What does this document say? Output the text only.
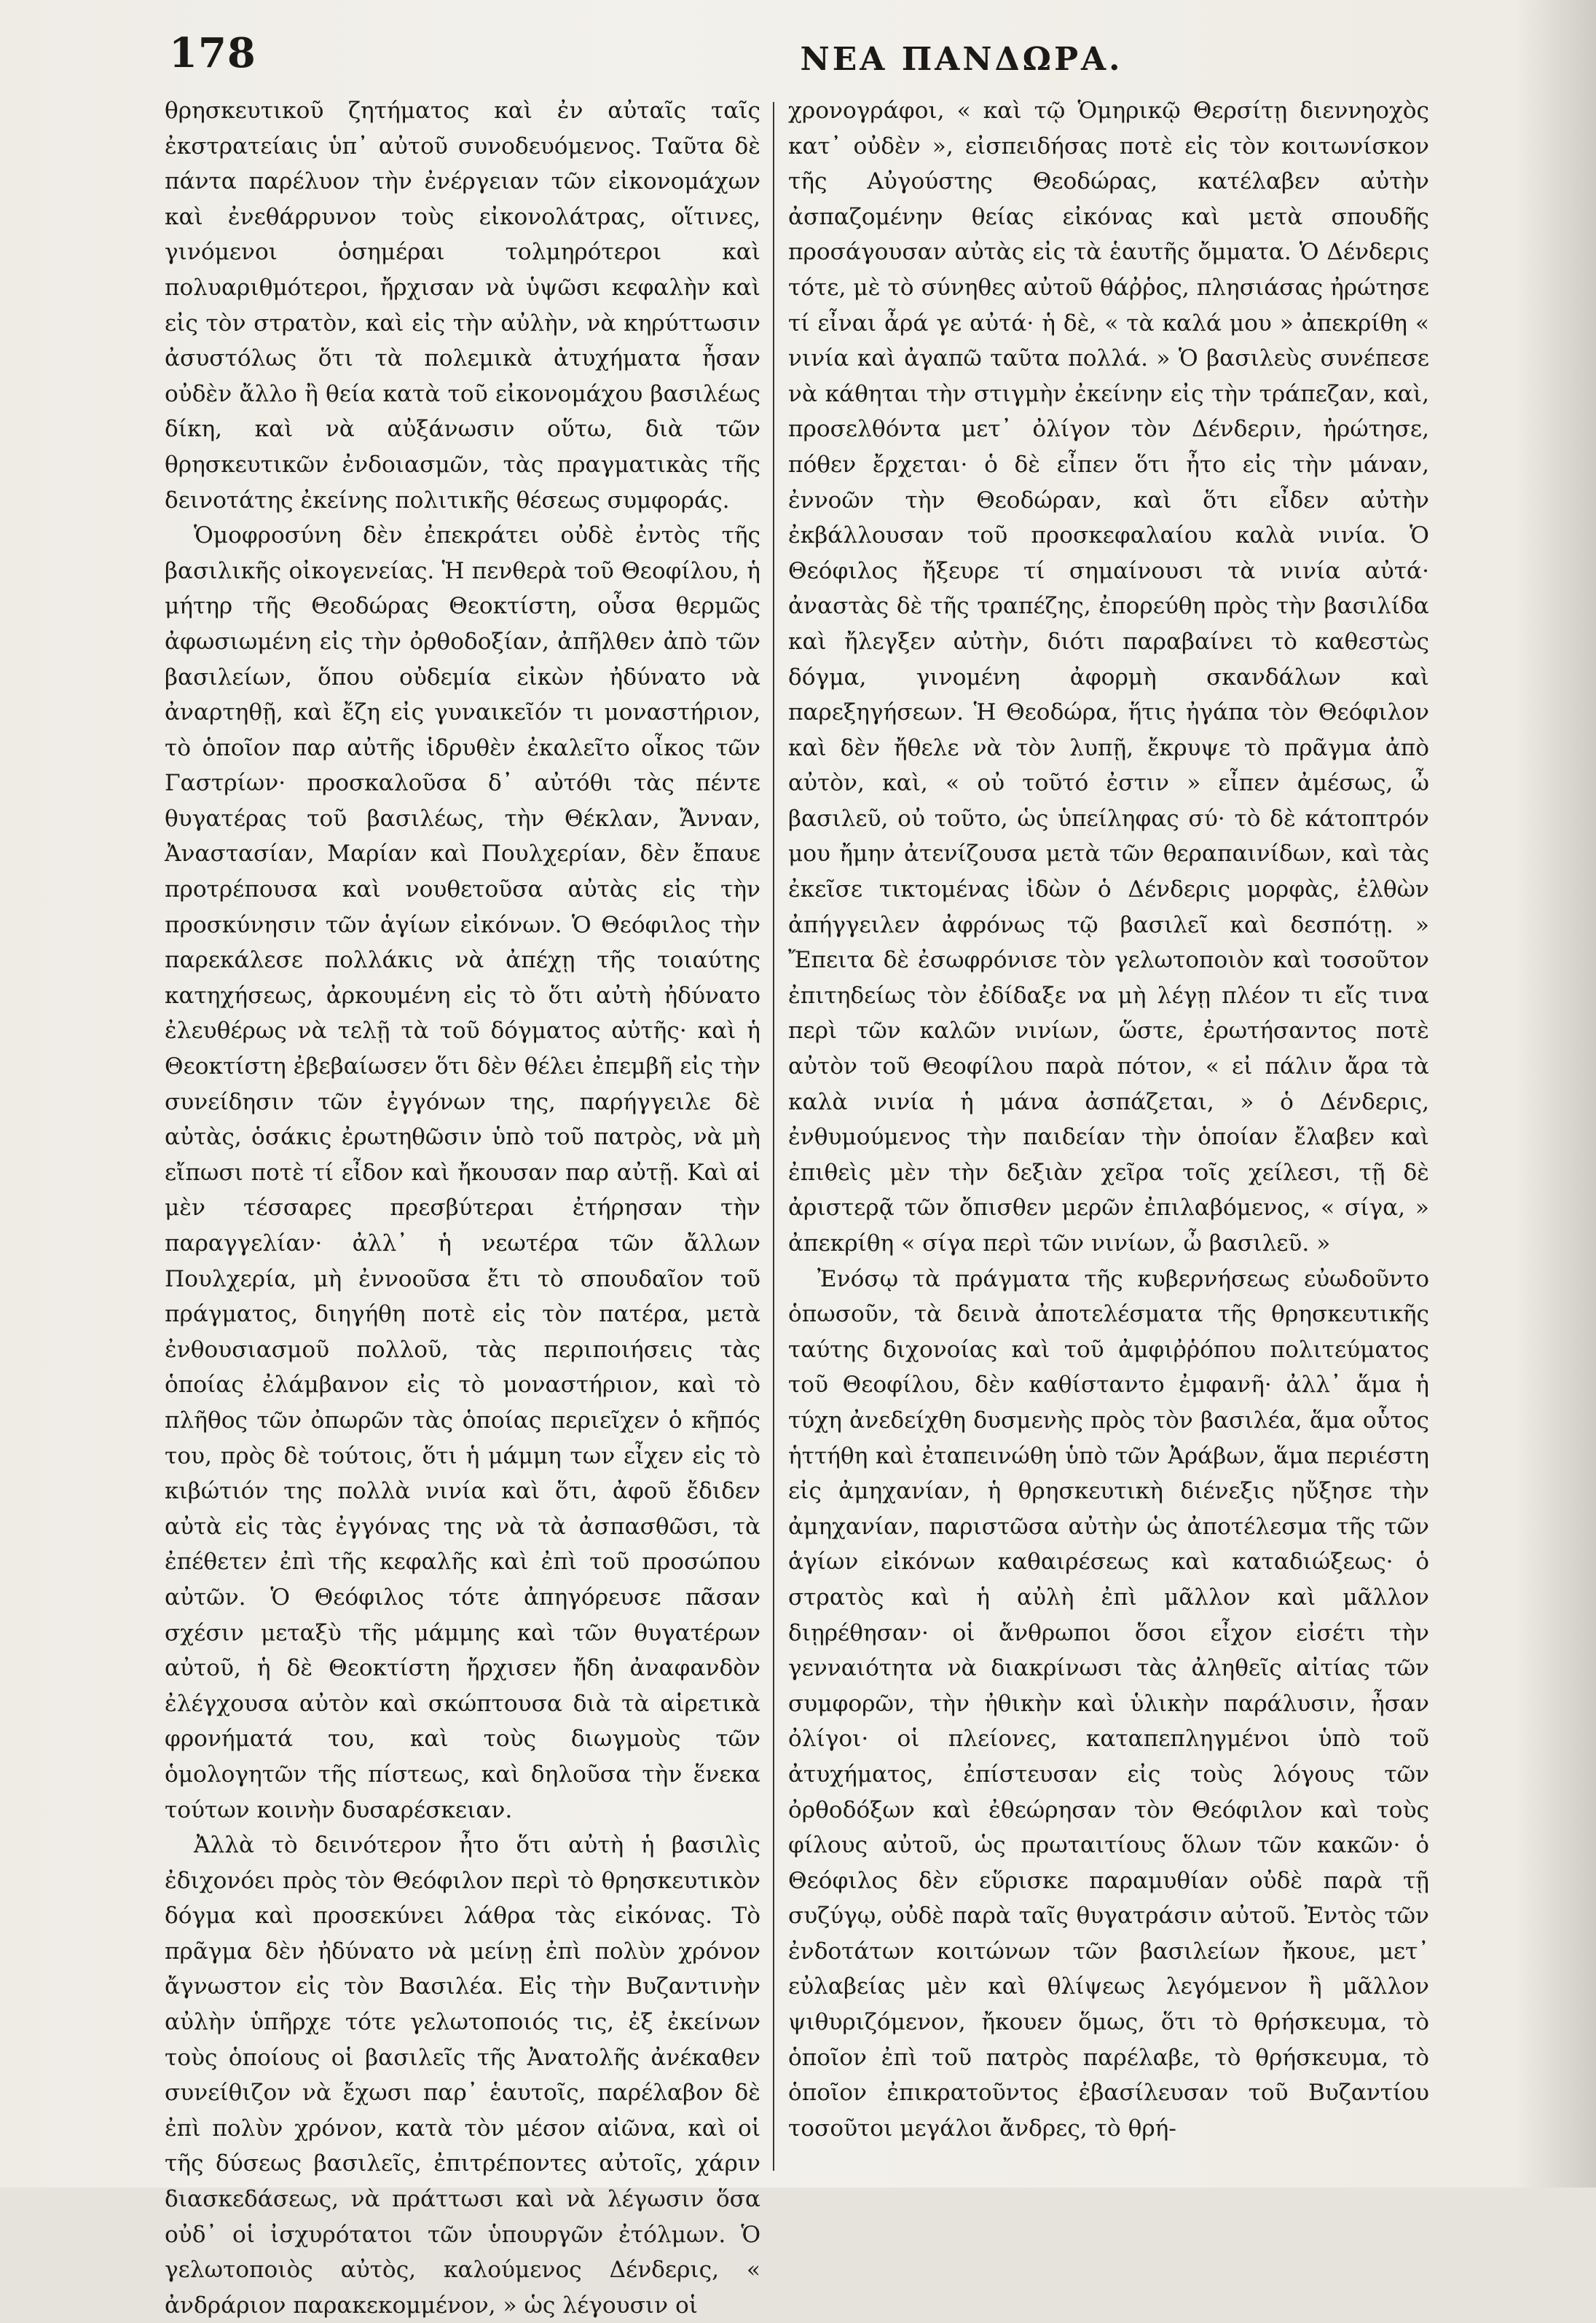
178	ΝΕΑ ΠΑΝΔΩΡΑ.

θρησκευτικοῦ ζητήματος καὶ ἐν αὐταῖς ταῖς ἐκστρατείαις ὑπ᾽ αὐτοῦ συνοδευόμενος. Ταῦτα δὲ πάντα παρέλυον τὴν ἐνέργειαν τῶν εἰκονομάχων καὶ ἐνεθάρρυνον τοὺς εἰκονολάτρας, οἵτινες, γινόμενοι ὁσημέραι τολμηρότεροι καὶ πολυαριθμότεροι, ἤρχισαν νὰ ὑψῶσι κεφαλὴν καὶ εἰς τὸν στρατὸν, καὶ εἰς τὴν αὐλὴν, νὰ κηρύττωσιν ἀσυστόλως ὅτι τὰ πολεμικὰ ἀτυχήματα ἦσαν οὐδὲν ἄλλο ἢ θεία κατὰ τοῦ εἰκονομάχου βασιλέως δίκη, καὶ νὰ αὐξάνωσιν οὕτω, διὰ τῶν θρησκευτικῶν ἐνδοιασμῶν, τὰς πραγματικὰς τῆς δεινοτάτης ἐκείνης πολιτικῆς θέσεως συμφοράς.

Ὁμοφροσύνη δὲν ἐπεκράτει οὐδὲ ἐντὸς τῆς βασιλικῆς οἰκογενείας. Ἡ πενθερὰ τοῦ Θεοφίλου, ἡ μήτηρ τῆς Θεοδώρας Θεοκτίστη, οὖσα θερμῶς ἀφωσιωμένη εἰς τὴν ὀρθοδοξίαν, ἀπῆλθεν ἀπὸ τῶν βασιλείων, ὅπου οὐδεμία εἰκὼν ἠδύνατο νὰ ἀναρτηθῇ, καὶ ἔζη εἰς γυναικεῖόν τι μοναστήριον, τὸ ὁποῖον παρ αὐτῆς ἱδρυθὲν ἐκαλεῖτο οἶκος τῶν Γαστρίων· προσκαλοῦσα δ᾽ αὐτόθι τὰς πέντε θυγατέρας τοῦ βασιλέως, τὴν Θέκλαν, Ἄνναν, Ἀναστασίαν, Μαρίαν καὶ Πουλχερίαν, δὲν ἔπαυε προτρέπουσα καὶ νουθετοῦσα αὐτὰς εἰς τὴν προσκύνησιν τῶν ἁγίων εἰκόνων. Ὁ Θεόφιλος τὴν παρεκάλεσε πολλάκις νὰ ἀπέχῃ τῆς τοιαύτης κατηχήσεως, ἀρκουμένη εἰς τὸ ὅτι αὐτὴ ἠδύνατο ἐλευθέρως νὰ τελῇ τὰ τοῦ δόγματος αὐτῆς· καὶ ἡ Θεοκτίστη ἐβεβαίωσεν ὅτι δὲν θέλει ἐπεμβῆ εἰς τὴν συνείδησιν τῶν ἐγγόνων της, παρήγγειλε δὲ αὐτὰς, ὁσάκις ἐρωτηθῶσιν ὑπὸ τοῦ πατρὸς, νὰ μὴ εἴπωσι ποτὲ τί εἶδον καὶ ἤκουσαν παρ αὐτῇ. Καὶ αἱ μὲν τέσσαρες πρεσβύτεραι ἐτήρησαν τὴν παραγγελίαν· ἀλλ᾽ ἡ νεωτέρα τῶν ἄλλων Πουλχερία, μὴ ἐννοοῦσα ἔτι τὸ σπουδαῖον τοῦ πράγματος, διηγήθη ποτὲ εἰς τὸν πατέρα, μετὰ ἐνθουσιασμοῦ πολλοῦ, τὰς περιποιήσεις τὰς ὁποίας ἐλάμβανον εἰς τὸ μοναστήριον, καὶ τὸ πλῆθος τῶν ὀπωρῶν τὰς ὁποίας περιεῖχεν ὁ κῆπός του, πρὸς δὲ τούτοις, ὅτι ἡ μάμμη των εἶχεν εἰς τὸ κιβώτιόν της πολλὰ νινία καὶ ὅτι, ἀφοῦ ἔδιδεν αὐτὰ εἰς τὰς ἐγγόνας της νὰ τὰ ἀσπασθῶσι, τὰ ἐπέθετεν ἐπὶ τῆς κεφαλῆς καὶ ἐπὶ τοῦ προσώπου αὐτῶν. Ὁ Θεόφιλος τότε ἀπηγόρευσε πᾶσαν σχέσιν μεταξὺ τῆς μάμμης καὶ τῶν θυγατέρων αὐτοῦ, ἡ δὲ Θεοκτίστη ἤρχισεν ἤδη ἀναφανδὸν ἐλέγχουσα αὐτὸν καὶ σκώπτουσα διὰ τὰ αἱρετικὰ φρονήματά του, καὶ τοὺς διωγμοὺς τῶν ὁμολογητῶν τῆς πίστεως, καὶ δηλοῦσα τὴν ἕνεκα τούτων κοινὴν δυσαρέσκειαν.

Ἀλλὰ τὸ δεινότερον ἦτο ὅτι αὐτὴ ἡ βασιλὶς ἐδιχονόει πρὸς τὸν Θεόφιλον περὶ τὸ θρησκευτικὸν δόγμα καὶ προσεκύνει λάθρα τὰς εἰκόνας. Τὸ πρᾶγμα δὲν ἠδύνατο νὰ μείνῃ ἐπὶ πολὺν χρόνον ἄγνωστον εἰς τὸν Βασιλέα. Εἰς τὴν Βυζαντινὴν αὐλὴν ὑπῆρχε τότε γελωτοποιός τις, ἐξ ἐκείνων τοὺς ὁποίους οἱ βασιλεῖς τῆς Ἀνατολῆς ἀνέκαθεν συνείθιζον νὰ ἔχωσι παρ᾽ ἑαυτοῖς, παρέλαβον δὲ ἐπὶ πολὺν χρόνον, κατὰ τὸν μέσον αἰῶνα, καὶ οἱ τῆς δύσεως βασιλεῖς, ἐπιτρέποντες αὐτοῖς, χάριν διασκεδάσεως, νὰ πράττωσι καὶ νὰ λέγωσιν ὅσα οὐδ᾽ οἱ ἰσχυρότατοι τῶν ὑπουργῶν ἐτόλμων. Ὁ γελωτοποιὸς αὐτὸς, καλούμενος Δένδερις, « ἀνδράριον παρακεκομμένον, » ὡς λέγουσιν οἱ

χρονογράφοι, « καὶ τῷ Ὁμηρικῷ Θερσίτῃ διεννηοχὸς κατ᾽ οὐδὲν », εἰσπειδήσας ποτὲ εἰς τὸν κοιτωνίσκον τῆς Αὐγούστης Θεοδώρας, κατέλαβεν αὐτὴν ἀσπαζομένην θείας εἰκόνας καὶ μετὰ σπουδῆς προσάγουσαν αὐτὰς εἰς τὰ ἑαυτῆς ὄμματα. Ὁ Δένδερις τότε, μὲ τὸ σύνηθες αὐτοῦ θάῤῥος, πλησιάσας ἠρώτησε τί εἶναι ἆρά γε αὐτά· ἡ δὲ, « τὰ καλά μου » ἀπεκρίθη « νινία καὶ ἀγαπῶ ταῦτα πολλά. » Ὁ βασιλεὺς συνέπεσε νὰ κάθηται τὴν στιγμὴν ἐκείνην εἰς τὴν τράπεζαν, καὶ, προσελθόντα μετ᾽ ὀλίγον τὸν Δένδεριν, ἠρώτησε, πόθεν ἔρχεται· ὁ δὲ εἶπεν ὅτι ἦτο εἰς τὴν μάναν, ἐννοῶν τὴν Θεοδώραν, καὶ ὅτι εἶδεν αὐτὴν ἐκβάλλουσαν τοῦ προσκεφαλαίου καλὰ νινία. Ὁ Θεόφιλος ἤξευρε τί σημαίνουσι τὰ νινία αὐτά· ἀναστὰς δὲ τῆς τραπέζης, ἐπορεύθη πρὸς τὴν βασιλίδα καὶ ἤλεγξεν αὐτὴν, διότι παραβαίνει τὸ καθεστὼς δόγμα, γινομένη ἀφορμὴ σκανδάλων καὶ παρεξηγήσεων. Ἡ Θεοδώρα, ἥτις ἠγάπα τὸν Θεόφιλον καὶ δὲν ἤθελε νὰ τὸν λυπῇ, ἔκρυψε τὸ πρᾶγμα ἀπὸ αὐτὸν, καὶ, « οὐ τοῦτό ἐστιν » εἶπεν ἀμέσως, ὦ βασιλεῦ, οὐ τοῦτο, ὡς ὑπείληφας σύ· τὸ δὲ κάτοπτρόν μου ἤμην ἀτενίζουσα μετὰ τῶν θεραπαινίδων, καὶ τὰς ἐκεῖσε τικτομένας ἰδὼν ὁ Δένδερις μορφὰς, ἐλθὼν ἀπήγγειλεν ἀφρόνως τῷ βασιλεῖ καὶ δεσπότῃ. » Ἔπειτα δὲ ἐσωφρόνισε τὸν γελωτοποιὸν καὶ τοσοῦτον ἐπιτηδείως τὸν ἐδίδαξε να μὴ λέγῃ πλέον τι εἴς τινα περὶ τῶν καλῶν νινίων, ὥστε, ἐρωτήσαντος ποτὲ αὐτὸν τοῦ Θεοφίλου παρὰ πότον, « εἰ πάλιν ἄρα τὰ καλὰ νινία ἡ μάνα ἀσπάζεται, » ὁ Δένδερις, ἐνθυμούμενος τὴν παιδείαν τὴν ὁποίαν ἔλαβεν καὶ ἐπιθεὶς μὲν τὴν δεξιὰν χεῖρα τοῖς χείλεσι, τῇ δὲ ἀριστερᾷ τῶν ὄπισθεν μερῶν ἐπιλαβόμενος, « σίγα, » ἀπεκρίθη « σίγα περὶ τῶν νινίων, ὦ βασιλεῦ. »

Ἐνόσῳ τὰ πράγματα τῆς κυβερνήσεως εὐωδοῦντο ὁπωσοῦν, τὰ δεινὰ ἀποτελέσματα τῆς θρησκευτικῆς ταύτης διχονοίας καὶ τοῦ ἀμφιῤῥόπου πολιτεύματος τοῦ Θεοφίλου, δὲν καθίσταντο ἐμφανῆ· ἀλλ᾽ ἅμα ἡ τύχη ἀνεδείχθη δυσμενὴς πρὸς τὸν βασιλέα, ἅμα οὗτος ἡττήθη καὶ ἐταπεινώθη ὑπὸ τῶν Ἀράβων, ἅμα περιέστη εἰς ἀμηχανίαν, ἡ θρησκευτικὴ διένεξις ηὔξησε τὴν ἀμηχανίαν, παριστῶσα αὐτὴν ὡς ἀποτέλεσμα τῆς τῶν ἁγίων εἰκόνων καθαιρέσεως καὶ καταδιώξεως· ὁ στρατὸς καὶ ἡ αὐλὴ ἐπὶ μᾶλλον καὶ μᾶλλον διῃρέθησαν· οἱ ἄνθρωποι ὅσοι εἶχον εἰσέτι τὴν γενναιότητα νὰ διακρίνωσι τὰς ἀληθεῖς αἰτίας τῶν συμφορῶν, τὴν ἠθικὴν καὶ ὑλικὴν παράλυσιν, ἦσαν ὀλίγοι· οἱ πλείονες, καταπεπληγμένοι ὑπὸ τοῦ ἀτυχήματος, ἐπίστευσαν εἰς τοὺς λόγους τῶν ὀρθοδόξων καὶ ἐθεώρησαν τὸν Θεόφιλον καὶ τοὺς φίλους αὐτοῦ, ὡς πρωταιτίους ὅλων τῶν κακῶν· ὁ Θεόφιλος δὲν εὕρισκε παραμυθίαν οὐδὲ παρὰ τῇ συζύγῳ, οὐδὲ παρὰ ταῖς θυγατράσιν αὐτοῦ. Ἐντὸς τῶν ἐνδοτάτων κοιτώνων τῶν βασιλείων ἤκουε, μετ᾽ εὐλαβείας μὲν καὶ θλίψεως λεγόμενον ἢ μᾶλλον ψιθυριζόμενον, ἤκουεν ὅμως, ὅτι τὸ θρήσκευμα, τὸ ὁποῖον ἐπὶ τοῦ πατρὸς παρέλαβε, τὸ θρήσκευμα, τὸ ὁποῖον ἐπικρατοῦντος ἐβασίλευσαν τοῦ Βυζαντίου τοσοῦτοι μεγάλοι ἄνδρες, τὸ θρή-
